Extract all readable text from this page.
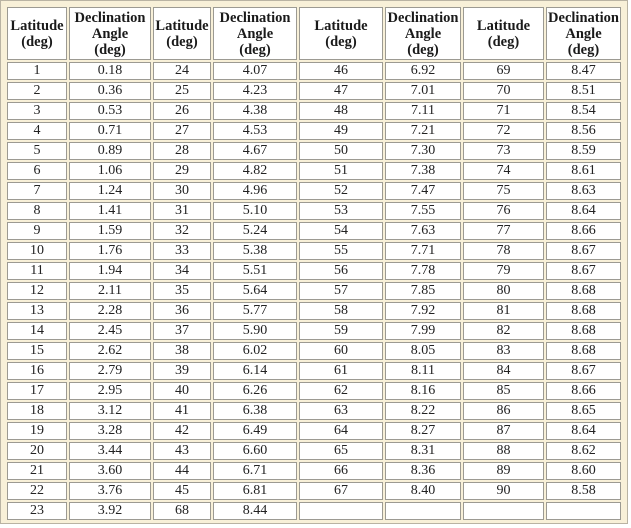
Latitude
(deg)	Declination
Angle
(deg)	Latitude
(deg)	Declination
Angle
(deg)	Latitude
(deg)	Declination
Angle
(deg)	Latitude
(deg)	Declination
Angle
(deg)

1	0.18	24	4.07	46	6.92	69	8.47
2	0.36	25	4.23	47	7.01	70	8.51
3	0.53	26	4.38	48	7.11	71	8.54
4	0.71	27	4.53	49	7.21	72	8.56
5	0.89	28	4.67	50	7.30	73	8.59
6	1.06	29	4.82	51	7.38	74	8.61
7	1.24	30	4.96	52	7.47	75	8.63
8	1.41	31	5.10	53	7.55	76	8.64
9	1.59	32	5.24	54	7.63	77	8.66
10	1.76	33	5.38	55	7.71	78	8.67
11	1.94	34	5.51	56	7.78	79	8.67
12	2.11	35	5.64	57	7.85	80	8.68
13	2.28	36	5.77	58	7.92	81	8.68
14	2.45	37	5.90	59	7.99	82	8.68
15	2.62	38	6.02	60	8.05	83	8.68
16	2.79	39	6.14	61	8.11	84	8.67
17	2.95	40	6.26	62	8.16	85	8.66
18	3.12	41	6.38	63	8.22	86	8.65
19	3.28	42	6.49	64	8.27	87	8.64
20	3.44	43	6.60	65	8.31	88	8.62
21	3.60	44	6.71	66	8.36	89	8.60
22	3.76	45	6.81	67	8.40	90	8.58
23	3.92	68	8.44				
